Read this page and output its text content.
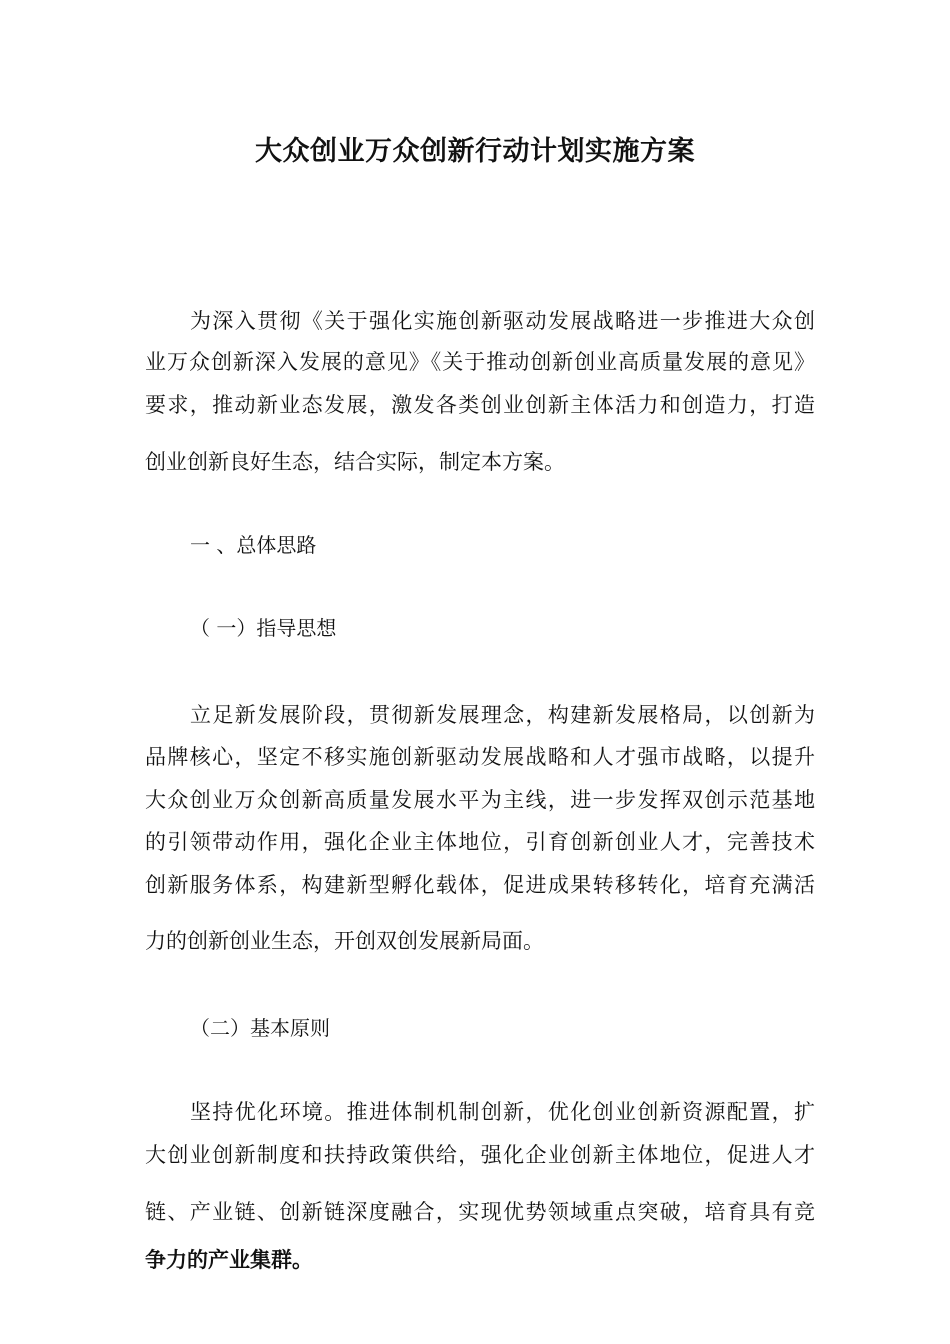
大众创业万众创新行动计划实施方案

为深入贯彻《关于强化实施创新驱动发展战略进一步推进大众创

业万众创新深入发展的意见》《关于推动创新创业高质量发展的意见》

要求，推动新业态发展，激发各类创业创新主体活力和创造力，打造

创业创新良好生态，结合实际，制定本方案。

一 、总体思路

（ 一）指导思想

立足新发展阶段，贯彻新发展理念，构建新发展格局，以创新为

品牌核心，坚定不移实施创新驱动发展战略和人才强市战略，以提升

大众创业万众创新高质量发展水平为主线，进一步发挥双创示范基地

的引领带动作用，强化企业主体地位，引育创新创业人才，完善技术

创新服务体系，构建新型孵化载体，促进成果转移转化，培育充满活

力的创新创业生态，开创双创发展新局面。

（二）基本原则

坚持优化环境。推进体制机制创新，优化创业创新资源配置，扩

大创业创新制度和扶持政策供给，强化企业创新主体地位，促进人才

链、产业链、创新链深度融合，实现优势领域重点突破，培育具有竞

争力的产业集群。
